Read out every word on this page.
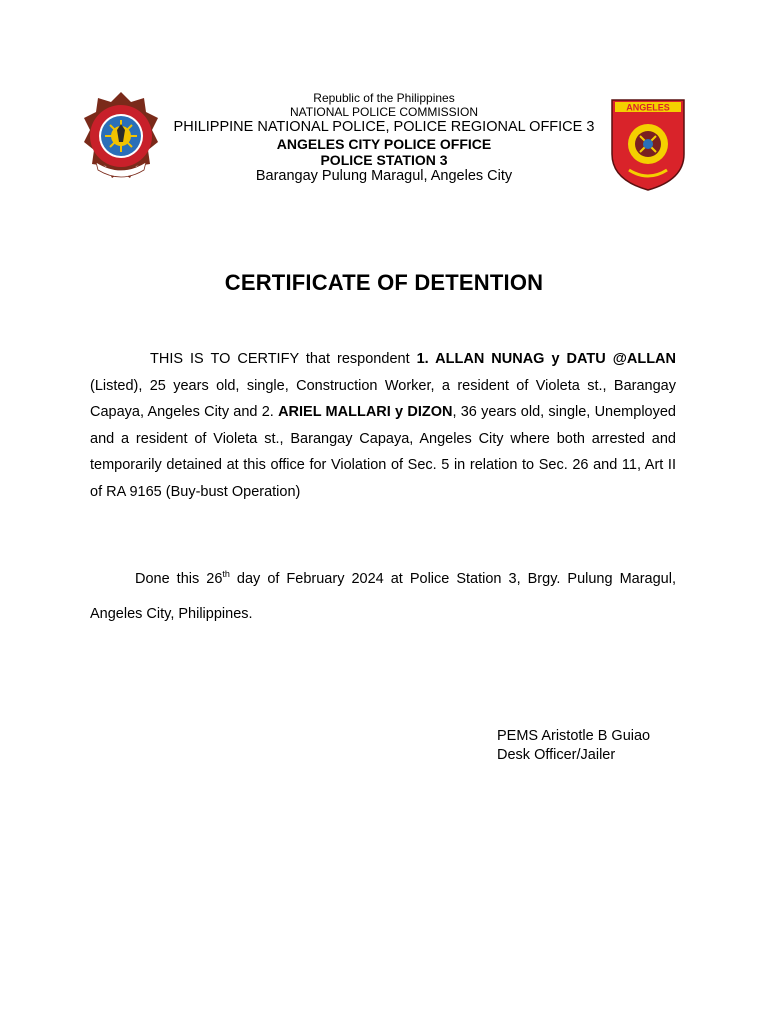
ANGELES
Republic of the Philippines
NATIONAL POLICE COMMISSION
PHILIPPINE NATIONAL POLICE, POLICE REGIONAL OFFICE 3
ANGELES CITY POLICE OFFICE
POLICE STATION 3
Barangay Pulung Maragul, Angeles City
CERTIFICATE OF DETENTION
THIS IS TO CERTIFY that respondent 1. ALLAN NUNAG y DATU @ALLAN (Listed), 25 years old, single, Construction Worker, a resident of Violeta st., Barangay Capaya, Angeles City and 2. ARIEL MALLARI y DIZON, 36 years old, single, Unemployed and a resident of Violeta st., Barangay Capaya, Angeles City where both arrested and temporarily detained at this office for Violation of Sec. 5 in relation to Sec. 26 and 11, Art II of RA 9165 (Buy-bust Operation)
Done this 26th day of February 2024 at Police Station 3, Brgy. Pulung Maragul, Angeles City, Philippines.
PEMS Aristotle B Guiao
Desk Officer/Jailer
